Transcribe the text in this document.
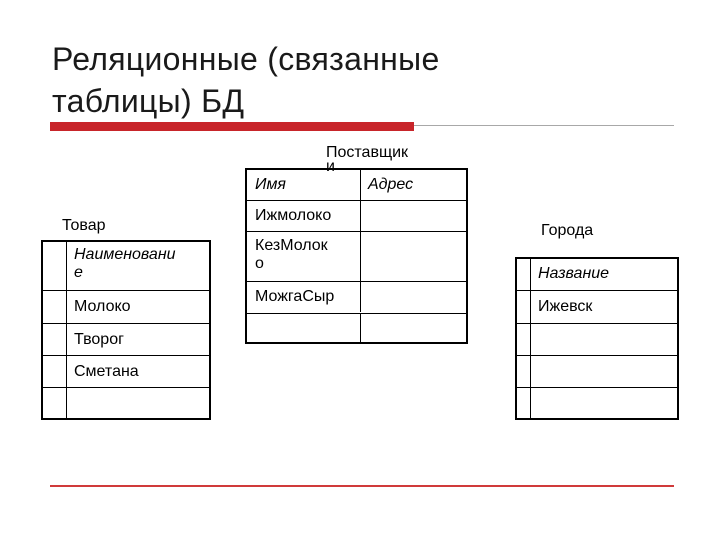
Реляционные (связанные
таблицы) БД
Товар
Наименовани
е
Молоко
Творог
Сметана
Поставщик
и
Имя	Адрес
Ижмолоко
КезМолок
о
МожгаСыр
Города
Название
Ижевск
